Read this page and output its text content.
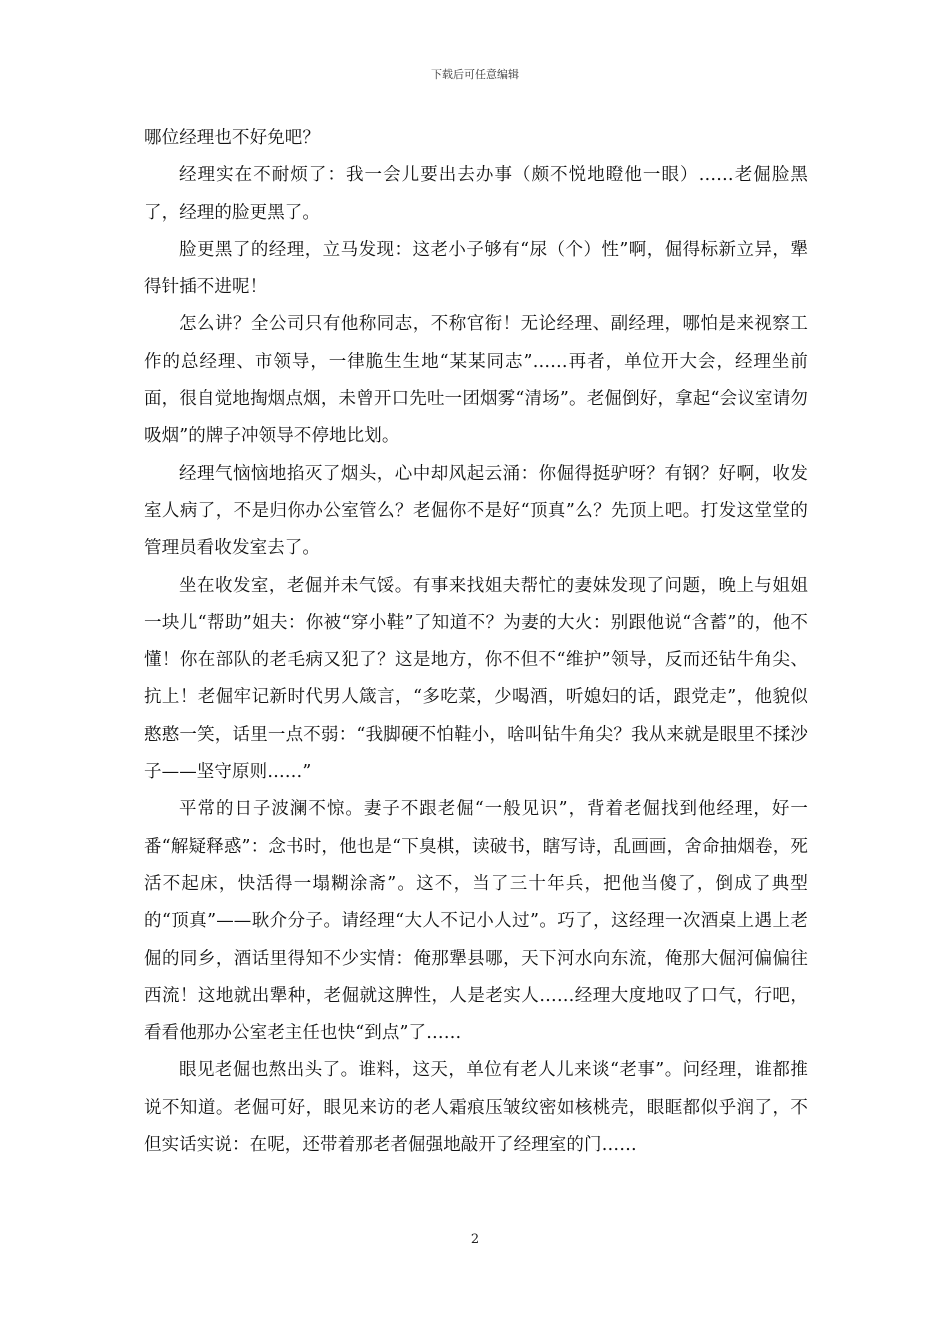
下载后可任意编辑

哪位经理也不好免吧？

经理实在不耐烦了：我一会儿要出去办事（颇不悦地瞪他一眼）……老倔脸黑了，经理的脸更黑了。

脸更黑了的经理，立马发现：这老小子够有“尿（个）性”啊，倔得标新立异，犟得针插不进呢！

怎么讲？全公司只有他称同志，不称官衔！无论经理、副经理，哪怕是来视察工作的总经理、市领导，一律脆生生地“某某同志”……再者，单位开大会，经理坐前面，很自觉地掏烟点烟，未曾开口先吐一团烟雾“清场”。老倔倒好，拿起“会议室请勿吸烟”的牌子冲领导不停地比划。

经理气恼恼地掐灭了烟头，心中却风起云涌：你倔得挺驴呀？有钢？好啊，收发室人病了，不是归你办公室管么？老倔你不是好“顶真”么？先顶上吧。打发这堂堂的管理员看收发室去了。

坐在收发室，老倔并未气馁。有事来找姐夫帮忙的妻妹发现了问题，晚上与姐姐一块儿“帮助”姐夫：你被“穿小鞋”了知道不？为妻的大火：别跟他说“含蓄”的，他不懂！你在部队的老毛病又犯了？这是地方，你不但不“维护”领导，反而还钻牛角尖、抗上！老倔牢记新时代男人箴言，“多吃菜，少喝酒，听媳妇的话，跟党走”，他貌似憨憨一笑，话里一点不弱：“我脚硬不怕鞋小，啥叫钻牛角尖？我从来就是眼里不揉沙子——坚守原则……”

平常的日子波澜不惊。妻子不跟老倔“一般见识”，背着老倔找到他经理，好一番“解疑释惑”：念书时，他也是“下臭棋，读破书，瞎写诗，乱画画，舍命抽烟卷，死活不起床，快活得一塌糊涂斋”。这不，当了三十年兵，把他当傻了，倒成了典型的“顶真”——耿介分子。请经理“大人不记小人过”。巧了，这经理一次酒桌上遇上老倔的同乡，酒话里得知不少实情：俺那犟县哪，天下河水向东流，俺那大倔河偏偏往西流！这地就出犟种，老倔就这脾性，人是老实人……经理大度地叹了口气，行吧，看看他那办公室老主任也快“到点”了……

眼见老倔也熬出头了。谁料，这天，单位有老人儿来谈“老事”。问经理，谁都推说不知道。老倔可好，眼见来访的老人霜痕压皱纹密如核桃壳，眼眶都似乎润了，不但实话实说：在呢，还带着那老者倔强地敲开了经理室的门……

2
